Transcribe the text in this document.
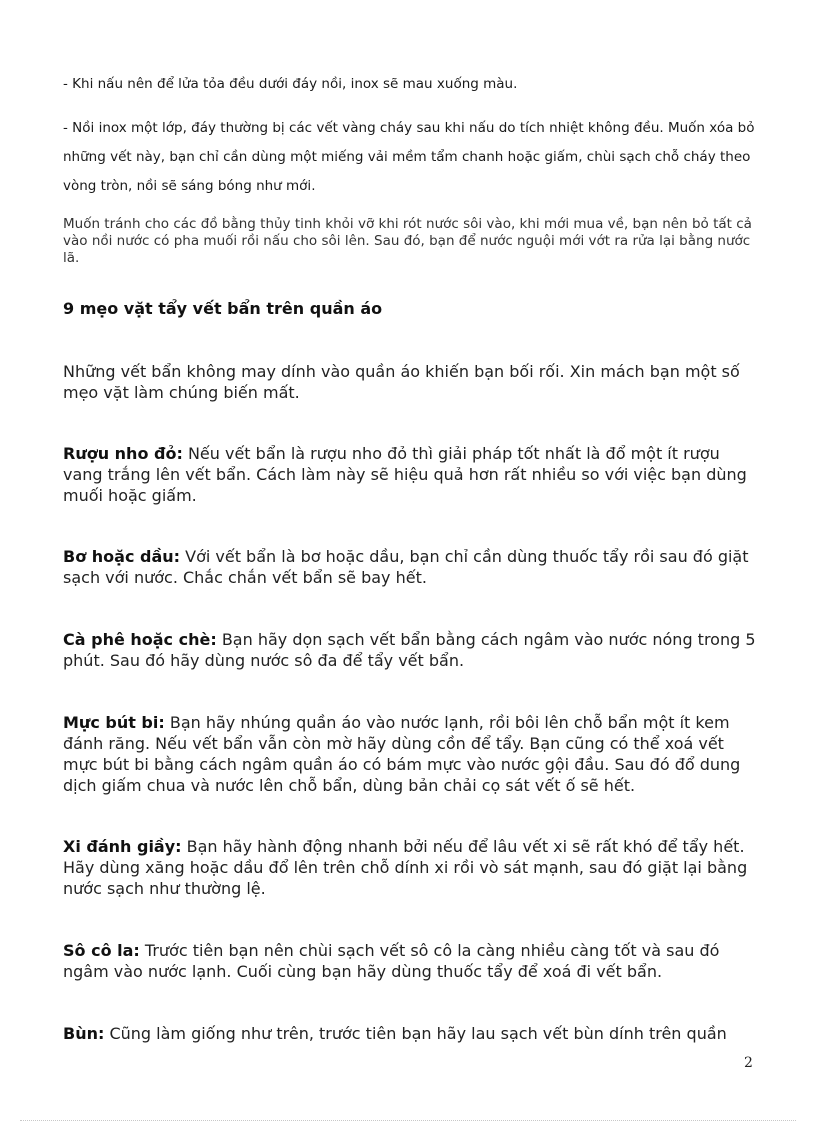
- Khi nấu nên để lửa tỏa đều dưới đáy nồi, inox sẽ mau xuống màu.

- Nồi inox một lớp, đáy thường bị các vết vàng cháy sau khi nấu do tích nhiệt không đều. Muốn xóa bỏ những vết này, bạn chỉ cần dùng một miếng vải mềm tẩm chanh hoặc giấm, chùi sạch chỗ cháy theo vòng tròn, nồi sẽ sáng bóng như mới.

Muốn tránh cho các đồ bằng thủy tinh khỏi vỡ khi rót nước sôi vào, khi mới mua về, bạn nên bỏ tất cả vào nồi nước có pha muối rồi nấu cho sôi lên. Sau đó, bạn để nước nguội mới vớt ra rửa lại bằng nước lã.

9 mẹo vặt tẩy vết bẩn trên quần áo

Những vết bẩn không may dính vào quần áo khiến bạn bối rối. Xin mách bạn một số mẹo vặt làm chúng biến mất.

Rượu nho đỏ: Nếu vết bẩn là rượu nho đỏ thì giải pháp tốt nhất là đổ một ít rượu vang trắng lên vết bẩn. Cách làm này sẽ hiệu quả hơn rất nhiều so với việc bạn dùng muối hoặc giấm.

Bơ hoặc dầu: Với vết bẩn là bơ hoặc dầu, bạn chỉ cần dùng thuốc tẩy rồi sau đó giặt sạch với nước. Chắc chắn vết bẩn sẽ bay hết.

Cà phê hoặc chè: Bạn hãy dọn sạch vết bẩn bằng cách ngâm vào nước nóng trong 5 phút. Sau đó hãy dùng nước sô đa để tẩy vết bẩn.

Mực bút bi: Bạn hãy nhúng quần áo vào nước lạnh, rồi bôi lên chỗ bẩn một ít kem đánh răng. Nếu vết bẩn vẫn còn mờ hãy dùng cồn để tẩy. Bạn cũng có thể xoá vết mực bút bi bằng cách ngâm quần áo có bám mực vào nước gội đầu. Sau đó đổ dung dịch giấm chua và nước lên chỗ bẩn, dùng bản chải cọ sát vết ố sẽ hết.

Xi đánh giầy: Bạn hãy hành động nhanh bởi nếu để lâu vết xi sẽ rất khó để tẩy hết. Hãy dùng xăng hoặc dầu đổ lên trên chỗ dính xi rồi vò sát mạnh, sau đó giặt lại bằng nước sạch như thường lệ.

Sô cô la: Trước tiên bạn nên chùi sạch vết sô cô la càng nhiều càng tốt và sau đó ngâm vào nước lạnh. Cuối cùng bạn hãy dùng thuốc tẩy để xoá đi vết bẩn.

Bùn: Cũng làm giống như trên, trước tiên bạn hãy lau sạch vết bùn dính trên quần

2
